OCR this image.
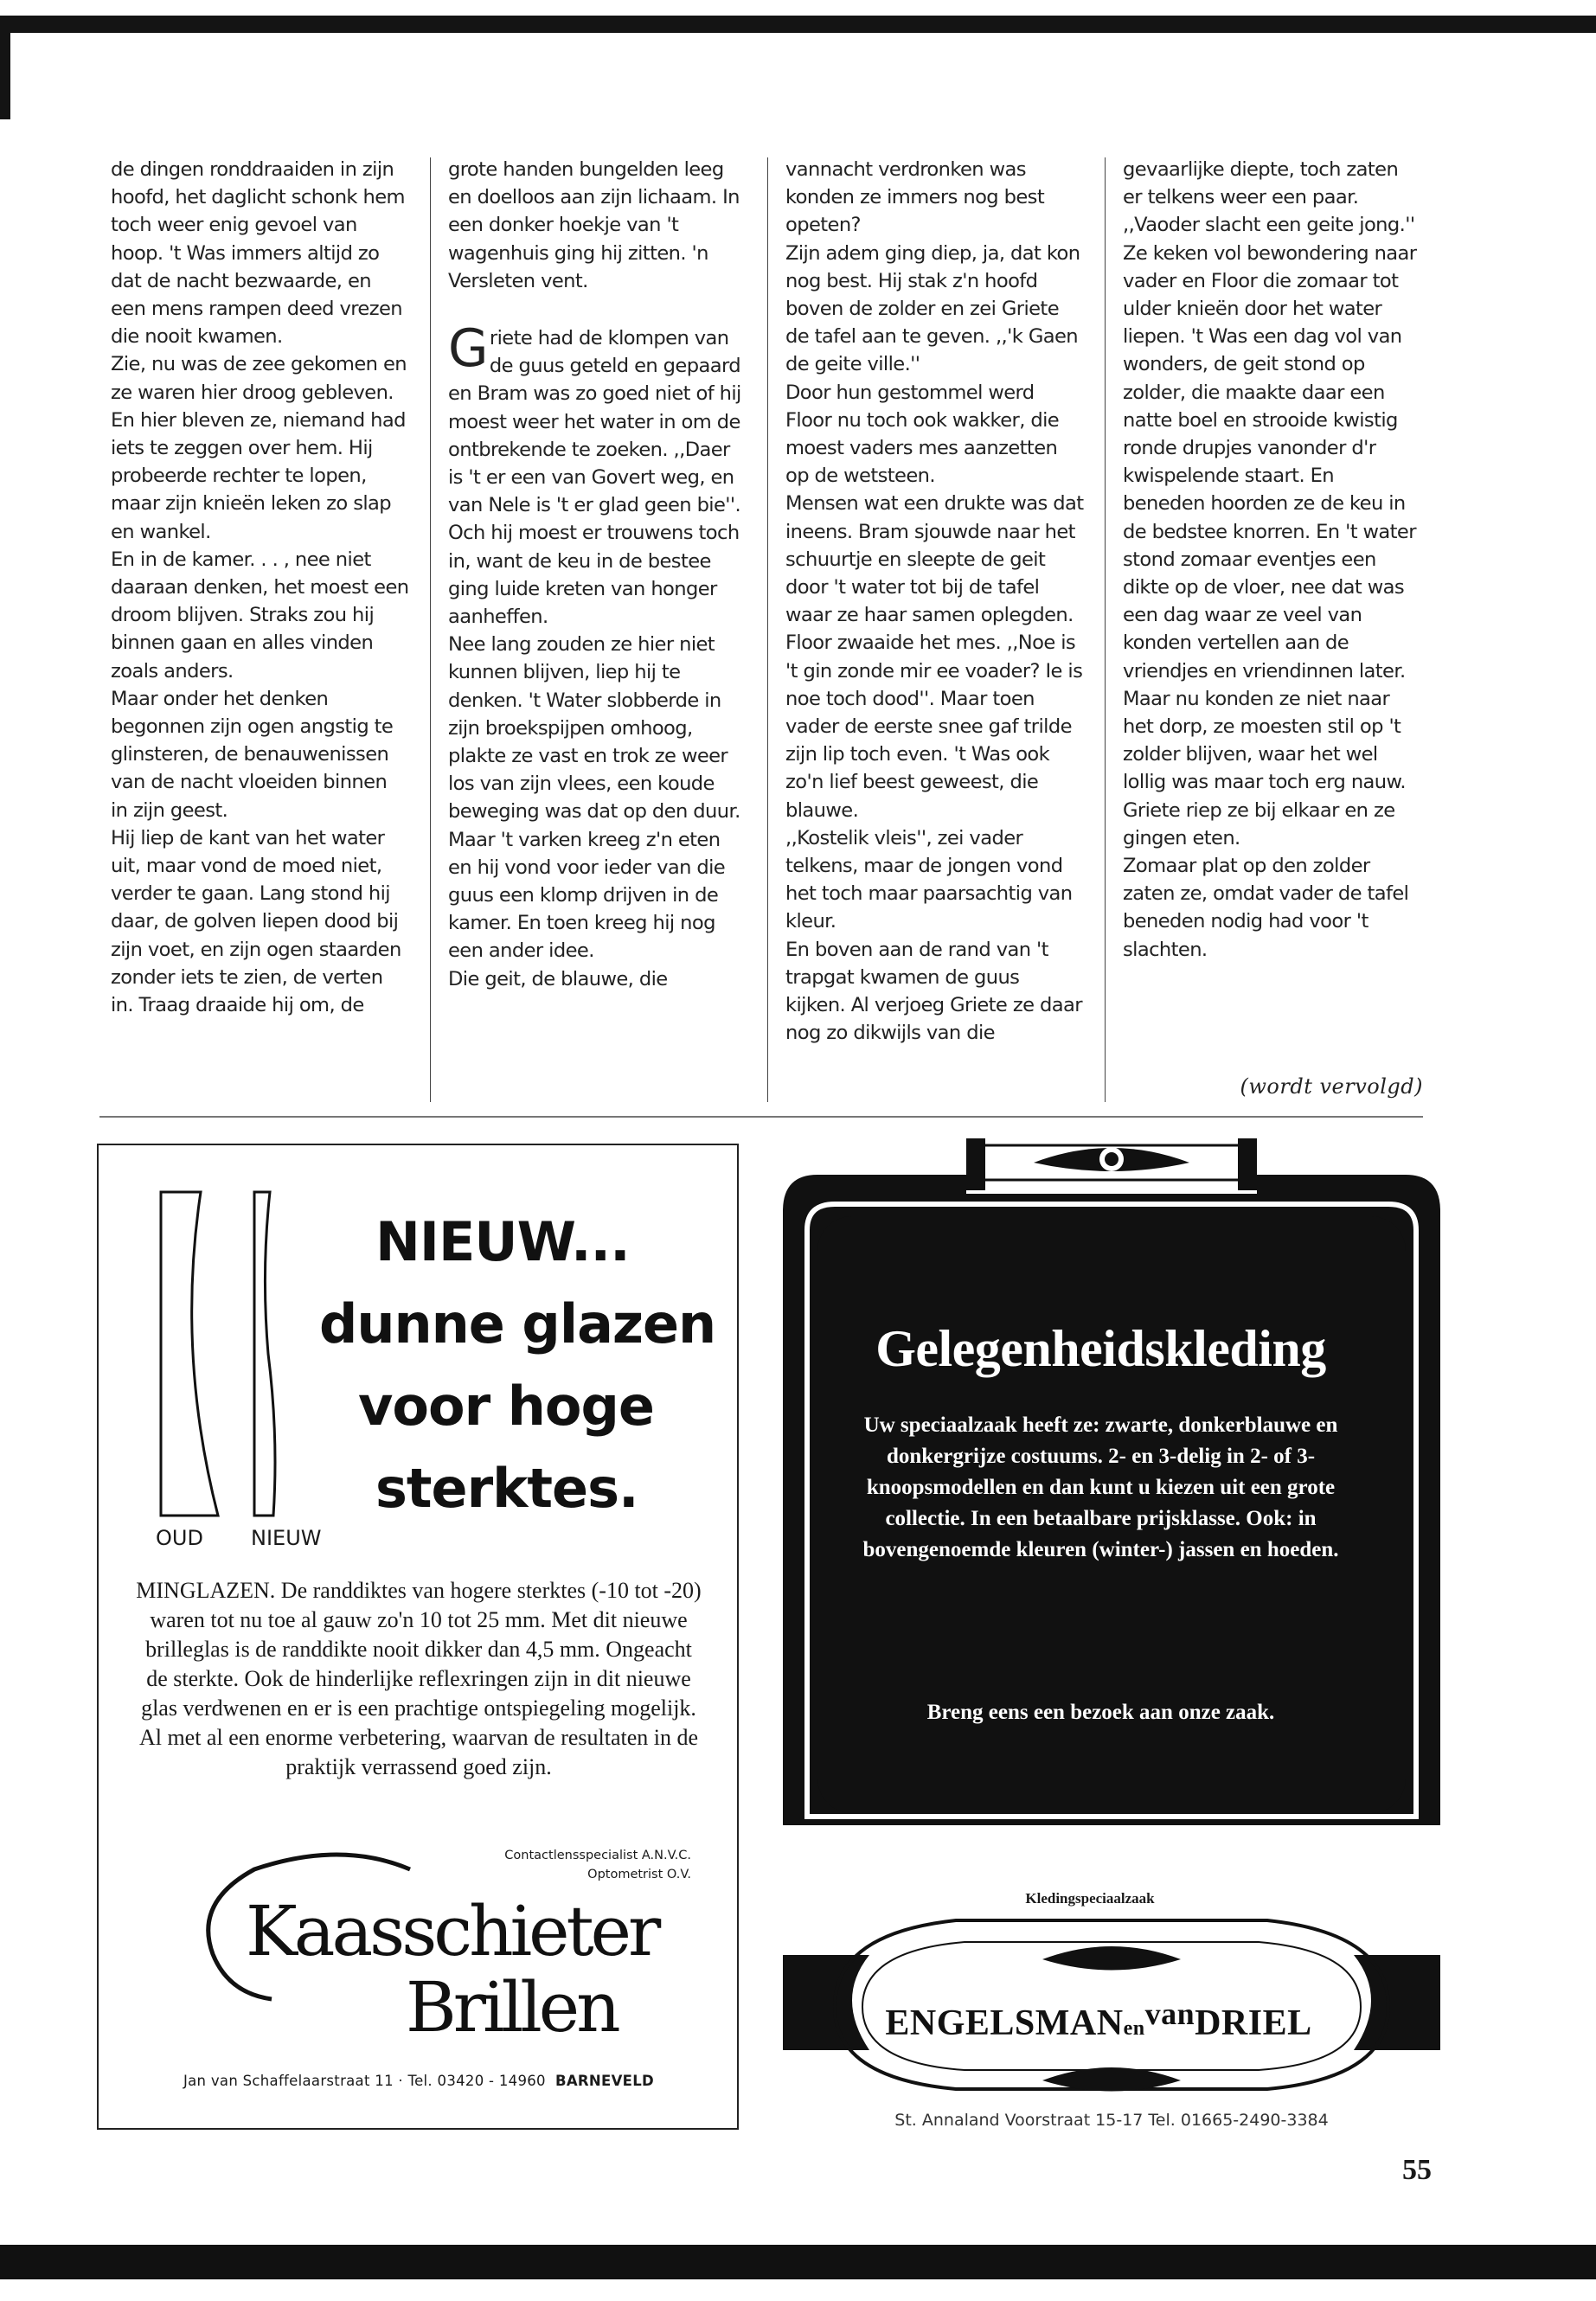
de dingen ronddraaiden in zijn hoofd, het daglicht schonk hem toch weer enig gevoel van hoop. 't Was immers altijd zo dat de nacht bezwaarde, en een mens rampen deed vrezen die nooit kwamen.

Zie, nu was de zee gekomen en ze waren hier droog gebleven. En hier bleven ze, niemand had iets te zeggen over hem. Hij probeerde rechter te lopen, maar zijn knieën leken zo slap en wankel.

En in de kamer. . . , nee niet daaraan denken, het moest een droom blijven. Straks zou hij binnen gaan en alles vinden zoals anders.

Maar onder het denken begonnen zijn ogen angstig te glinsteren, de benauwenissen van de nacht vloeiden binnen in zijn geest.

Hij liep de kant van het water uit, maar vond de moed niet, verder te gaan. Lang stond hij daar, de golven liepen dood bij zijn voet, en zijn ogen staarden zonder iets te zien, de verten in. Traag draaide hij om, de

grote handen bungelden leeg en doelloos aan zijn lichaam. In een donker hoekje van 't wagenhuis ging hij zitten. 'n Versleten vent.

Griete had de klompen van de guus geteld en gepaard en Bram was zo goed niet of hij moest weer het water in om de ontbrekende te zoeken. ,,Daer is 't er een van Govert weg, en van Nele is 't er glad geen bie''.

Och hij moest er trouwens toch in, want de keu in de bestee ging luide kreten van honger aanheffen.

Nee lang zouden ze hier niet kunnen blijven, liep hij te denken. 't Water slobberde in zijn broekspijpen omhoog, plakte ze vast en trok ze weer los van zijn vlees, een koude beweging was dat op den duur. Maar 't varken kreeg z'n eten en hij vond voor ieder van die guus een klomp drijven in de kamer. En toen kreeg hij nog een ander idee.

Die geit, de blauwe, die

vannacht verdronken was konden ze immers nog best opeten?

Zijn adem ging diep, ja, dat kon nog best. Hij stak z'n hoofd boven de zolder en zei Griete de tafel aan te geven. ,,'k Gaen de geite ville.''

Door hun gestommel werd Floor nu toch ook wakker, die moest vaders mes aanzetten op de wetsteen.

Mensen wat een drukte was dat ineens. Bram sjouwde naar het schuurtje en sleepte de geit door 't water tot bij de tafel waar ze haar samen oplegden. Floor zwaaide het mes. ,,Noe is 't gin zonde mir ee voader? Ie is noe toch dood''. Maar toen vader de eerste snee gaf trilde zijn lip toch even. 't Was ook zo'n lief beest geweest, die blauwe.

,,Kostelik vleis'', zei vader telkens, maar de jongen vond het toch maar paarsachtig van kleur.

En boven aan de rand van 't trapgat kwamen de guus kijken. Al verjoeg Griete ze daar nog zo dikwijls van die

gevaarlijke diepte, toch zaten er telkens weer een paar. ,,Vaoder slacht een geite jong.''

Ze keken vol bewondering naar vader en Floor die zomaar tot ulder knieën door het water liepen. 't Was een dag vol van wonders, de geit stond op zolder, die maakte daar een natte boel en strooide kwistig ronde drupjes vanonder d'r kwispelende staart. En beneden hoorden ze de keu in de bedstee knorren. En 't water stond zomaar eventjes een dikte op de vloer, nee dat was een dag waar ze veel van konden vertellen aan de vriendjes en vriendinnen later. Maar nu konden ze niet naar het dorp, ze moesten stil op 't zolder blijven, waar het wel lollig was maar toch erg nauw.

Griete riep ze bij elkaar en ze gingen eten.

Zomaar plat op den zolder zaten ze, omdat vader de tafel beneden nodig had voor 't slachten.

(wordt vervolgd)
OUD NIEUW
NIEUW...
dunne glazen
voor hoge
sterktes.
MINGLAZEN. De randdiktes van hogere sterktes (-10 tot -20) waren tot nu toe al gauw zo'n 10 tot 25 mm. Met dit nieuwe brilleglas is de randdikte nooit dikker dan 4,5 mm. Ongeacht de sterkte. Ook de hinderlijke reflexringen zijn in dit nieuwe glas verdwenen en er is een prachtige ontspiegeling mogelijk. Al met al een enorme verbetering, waarvan de resultaten in de praktijk verrassend goed zijn.
Contactlensspecialist A.N.V.C.
Optometrist O.V.
Kaasschieter
Brillen
Jan van Schaffelaarstraat 11 · Tel. 03420 - 14960 BARNEVELD
Gelegenheidskleding
Uw speciaalzaak heeft ze: zwarte, donkerblauwe en donkergrijze costuums. 2- en 3-delig in 2- of 3-knoopsmodellen en dan kunt u kiezen uit een grote collectie. In een betaalbare prijsklasse. Ook: in bovengenoemde kleuren (winter-) jassen en hoeden.
Breng eens een bezoek aan onze zaak.
Kledingspeciaalzaak
ENGELSMANenvanDRIEL
St. Annaland Voorstraat 15-17 Tel. 01665-2490-3384
55
